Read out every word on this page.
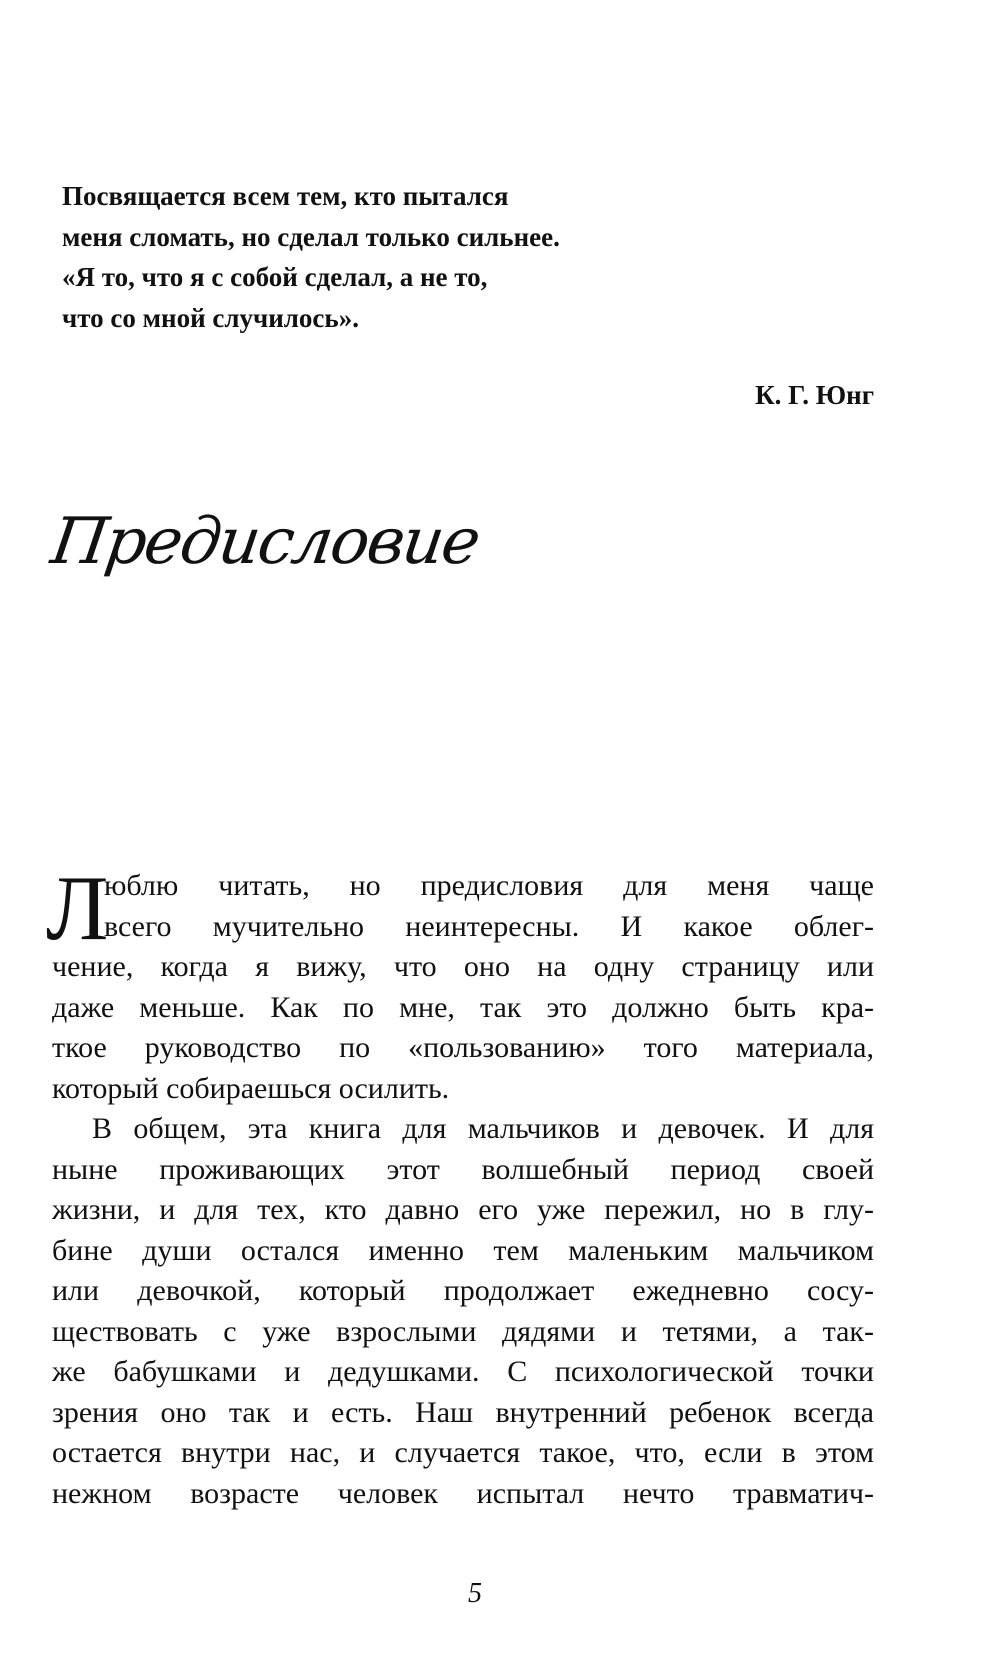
Посвящается всем тем, кто пытался
меня сломать, но сделал только сильнее.
«Я то, что я с собой сделал, а не то,
что со мной случилось».
К. Г. Юнг
Предисловие
Л
юблю читать, но предисловия для меня чаще
всего мучительно неинтересны. И какое облег-
чение, когда я вижу, что оно на одну страницу или
даже меньше. Как по мне, так это должно быть кра-
ткое руководство по «пользованию» того материала,
который собираешься осилить.
В общем, эта книга для мальчиков и девочек. И для
ныне проживающих этот волшебный период своей
жизни, и для тех, кто давно его уже пережил, но в глу-
бине души остался именно тем маленьким мальчиком
или девочкой, который продолжает ежедневно сосу-
ществовать с уже взрослыми дядями и тетями, а так-
же бабушками и дедушками. С психологической точки
зрения оно так и есть. Наш внутренний ребенок всегда
остается внутри нас, и случается такое, что, если в этом
нежном возрасте человек испытал нечто травматич-
5
